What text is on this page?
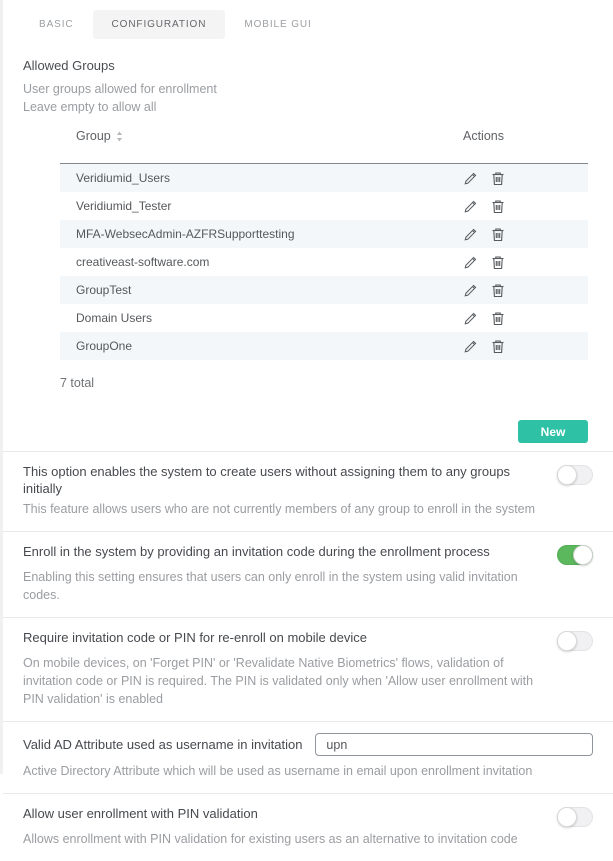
BASIC	CONFIGURATION	MOBILE GUI
Allowed Groups
User groups allowed for enrollment
Leave empty to allow all
Group	Actions
Veridiumid_Users
Veridiumid_Tester
MFA-WebsecAdmin-AZFRSupporttesting
creativeast-software.com
GroupTest
Domain Users
GroupOne
7 total
New
This option enables the system to create users without assigning them to any groups initially
This feature allows users who are not currently members of any group to enroll in the system
Enroll in the system by providing an invitation code during the enrollment process
Enabling this setting ensures that users can only enroll in the system using valid invitation codes.
Require invitation code or PIN for re-enroll on mobile device
On mobile devices, on 'Forget PIN' or 'Revalidate Native Biometrics' flows, validation of invitation code or PIN is required. The PIN is validated only when 'Allow user enrollment with PIN validation' is enabled
Valid AD Attribute used as username in invitation
upn
Active Directory Attribute which will be used as username in email upon enrollment invitation
Allow user enrollment with PIN validation
Allows enrollment with PIN validation for existing users as an alternative to invitation code
